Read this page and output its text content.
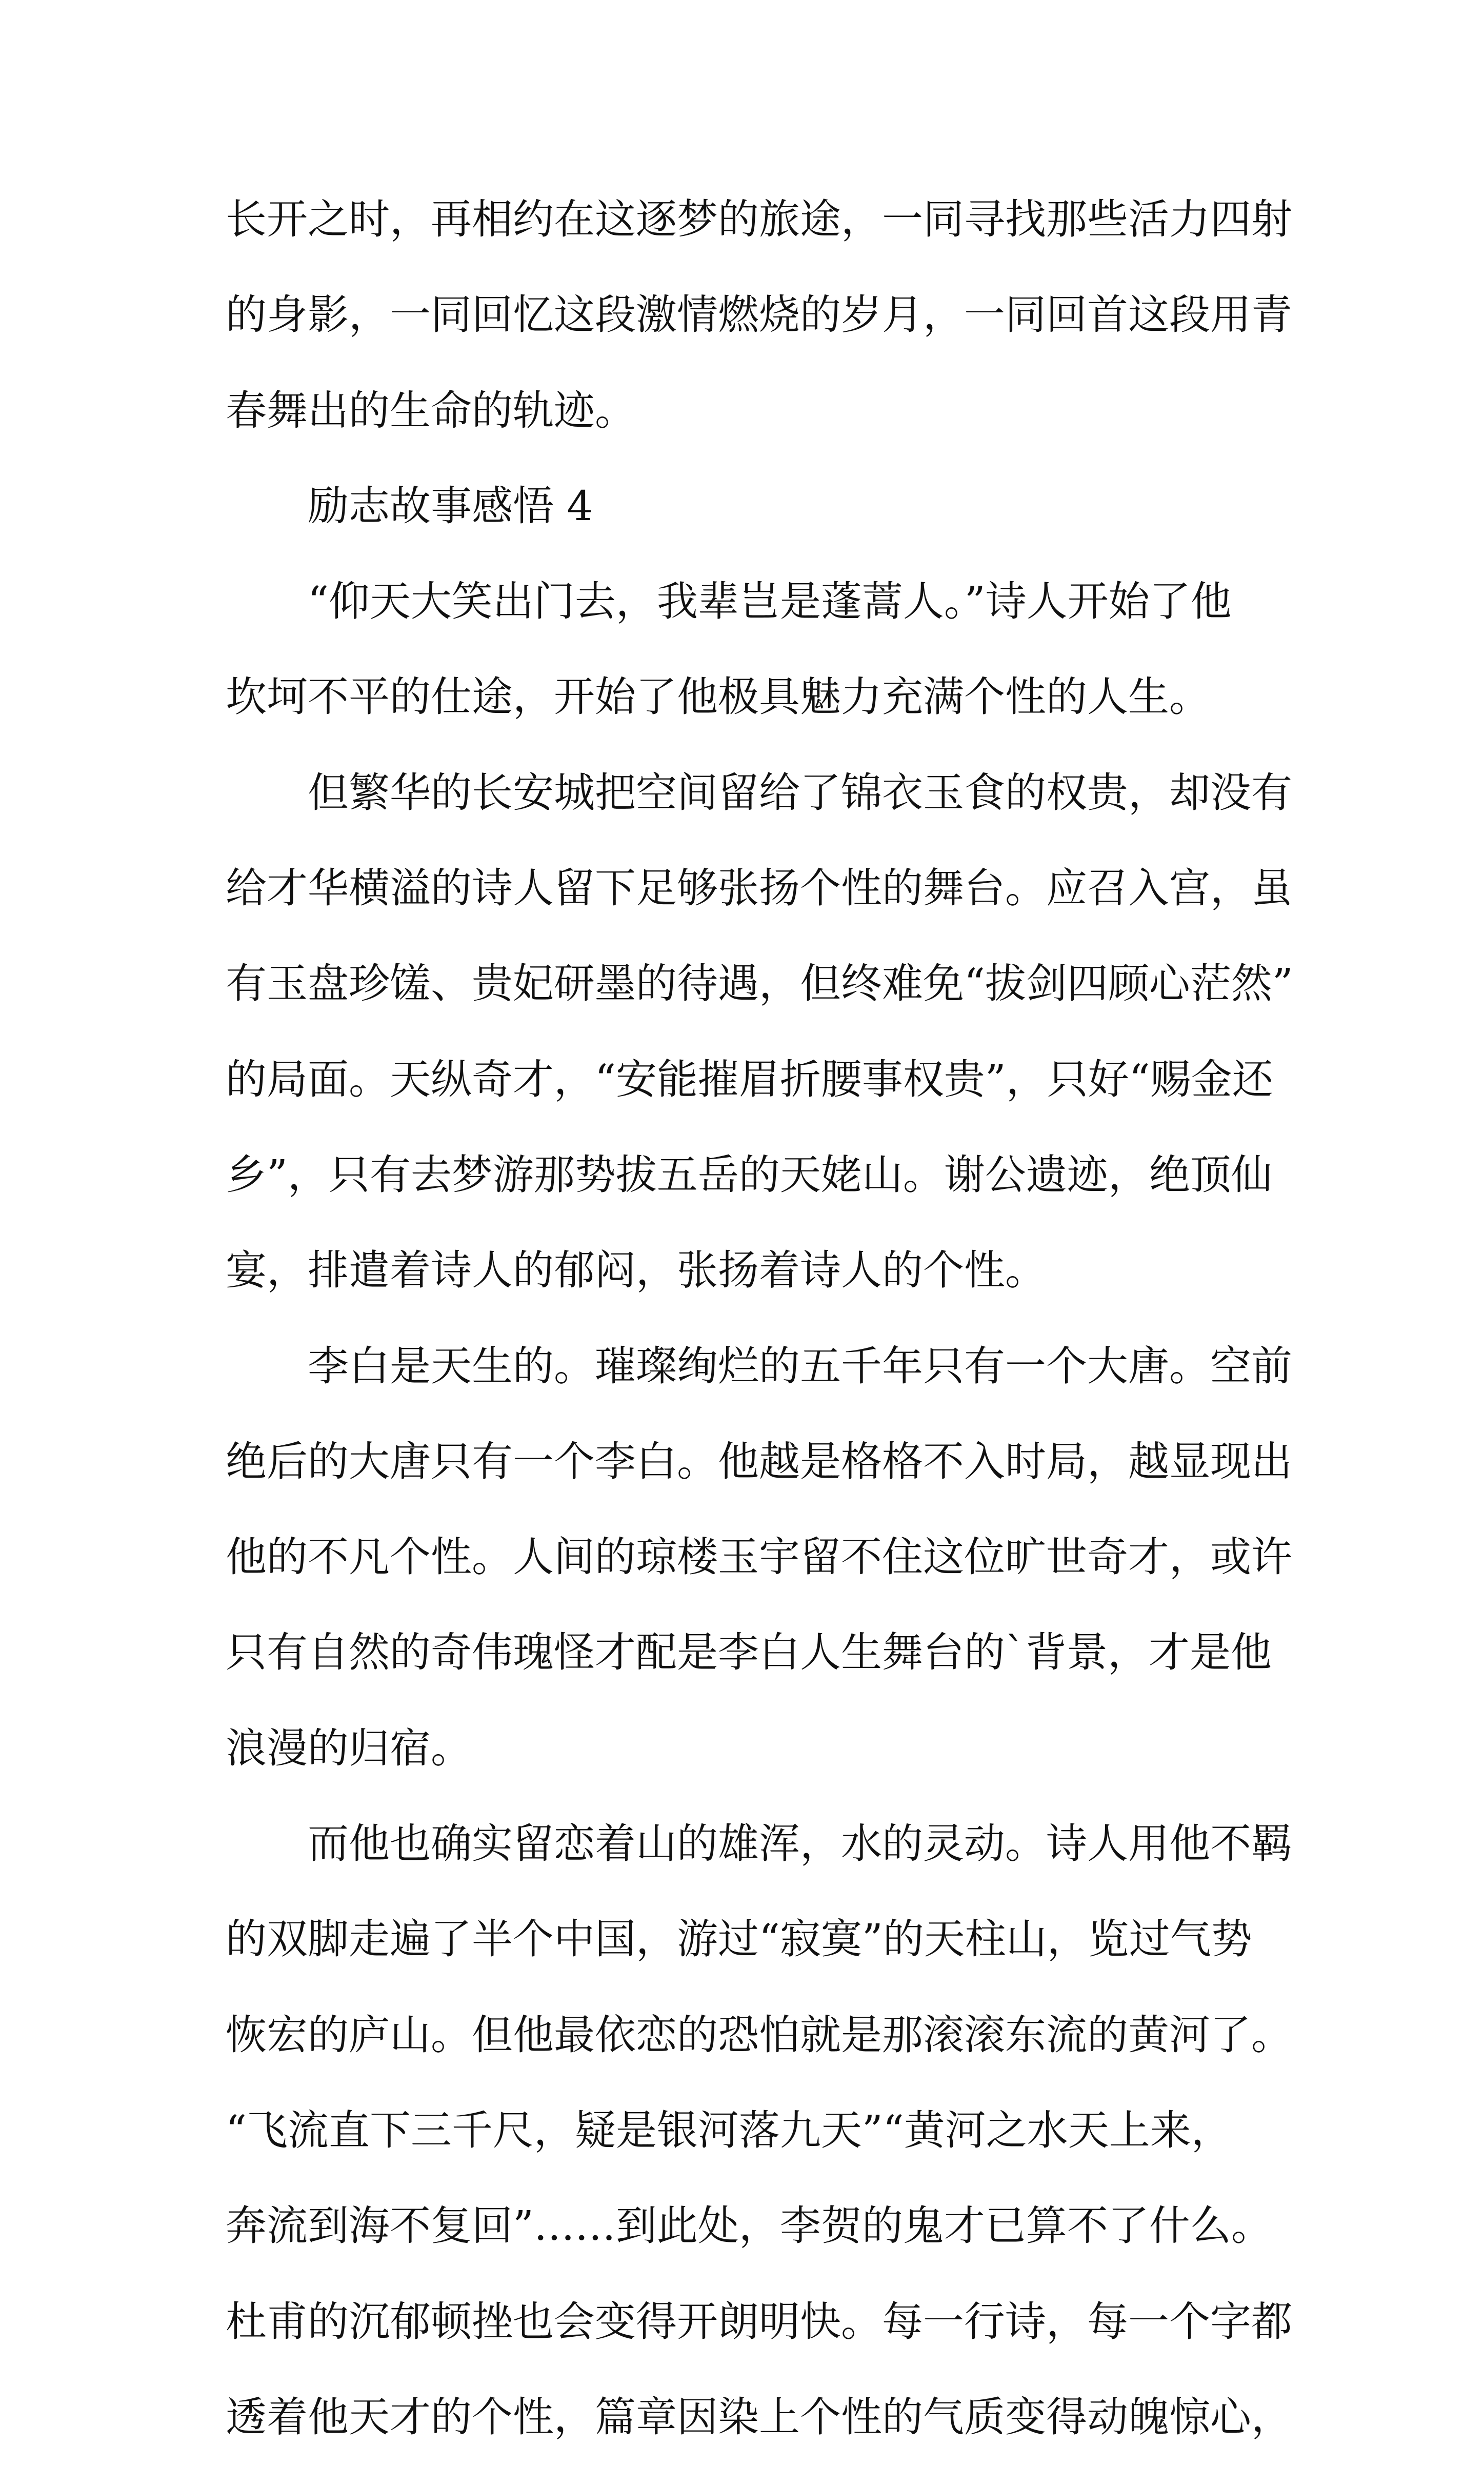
长开之时，再相约在这逐梦的旅途，一同寻找那些活力四射
的身影，一同回忆这段激情燃烧的岁月，一同回首这段用青
春舞出的生命的轨迹。
励志故事感悟 4
“仰天大笑出门去，我辈岂是蓬蒿人。”诗人开始了他
坎坷不平的仕途，开始了他极具魅力充满个性的人生。
但繁华的长安城把空间留给了锦衣玉食的权贵，却没有
给才华横溢的诗人留下足够张扬个性的舞台。应召入宫，虽
有玉盘珍馐、贵妃研墨的待遇，但终难免“拔剑四顾心茫然”
的局面。天纵奇才，“安能摧眉折腰事权贵”，只好“赐金还
乡”，只有去梦游那势拔五岳的天姥山。谢公遗迹，绝顶仙
宴，排遣着诗人的郁闷，张扬着诗人的个性。
李白是天生的。璀璨绚烂的五千年只有一个大唐。空前
绝后的大唐只有一个李白。他越是格格不入时局，越显现出
他的不凡个性。人间的琼楼玉宇留不住这位旷世奇才，或许
只有自然的奇伟瑰怪才配是李白人生舞台的`背景，才是他
浪漫的归宿。
而他也确实留恋着山的雄浑，水的灵动。诗人用他不羁
的双脚走遍了半个中国，游过“寂寞”的天柱山，览过气势
恢宏的庐山。但他最依恋的恐怕就是那滚滚东流的黄河了。
“飞流直下三千尺，疑是银河落九天”“黄河之水天上来，
奔流到海不复回”……到此处，李贺的鬼才已算不了什么。
杜甫的沉郁顿挫也会变得开朗明快。每一行诗，每一个字都
透着他天才的个性，篇章因染上个性的气质变得动魄惊心，
